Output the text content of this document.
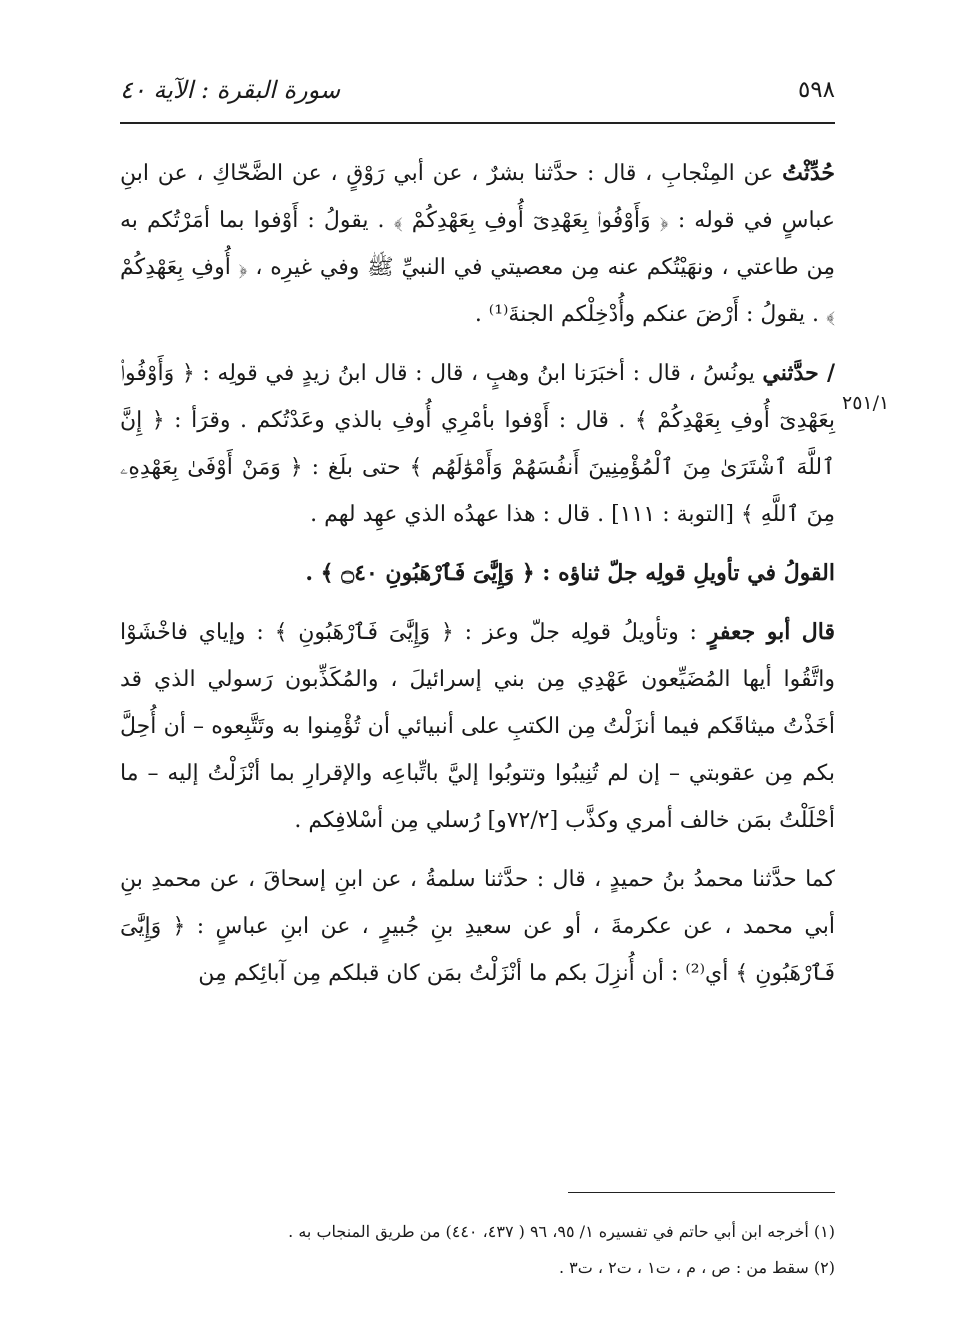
٥٩٨
سورة البقرة : الآية ٤٠
٢٥١/١

حُدِّثْتُ عن المِنْجابِ ، قال : حدَّثنا بشرٌ ، عن أبي رَوْقٍ ، عن الضَّحّاكِ ، عن ابنِ عباسٍ في قوله : ﴿ وَأَوْفُوا۟ بِعَهْدِىٓ أُوفِ بِعَهْدِكُمْ ﴾ . يقولُ : أَوْفوا بما أمَرْتُكم به مِن طاعتي ، ونهَيْتُكم عنه مِن معصيتي في النبيِّ ﷺ وفي غيرِه ، ﴿ أُوفِ بِعَهْدِكُمْ ﴾ . يقولُ : أَرْضَ عنكم وأُدْخِلْكم الجنةَ⁽¹⁾ .

/ حدَّثني يونُسُ ، قال : أخبَرَنا ابنُ وهبٍ ، قال : قال ابنُ زيدٍ في قولِه : ﴿ وَأَوْفُوا۟ بِعَهْدِىٓ أُوفِ بِعَهْدِكُمْ ﴾ . قال : أَوْفوا بأمْرِي أُوفِ بالذي وعَدْتُكم . وقرَأ : ﴿ إِنَّ ٱللَّهَ ٱشْتَرَىٰ مِنَ ٱلْمُؤْمِنِينَ أَنفُسَهُمْ وَأَمْوَٰلَهُم ﴾ حتى بلَغ : ﴿ وَمَنْ أَوْفَىٰ بِعَهْدِهِۦ مِنَ ٱللَّهِ ﴾ [التوبة : ١١١] . قال : هذا عهدُه الذي عهِد لهم .

القولُ في تأويلِ قولِه جلّ ثناؤه : ﴿ وَإِيَّٰىَ فَٱرْهَبُونِ ۝٤٠ ﴾ .

قال أبو جعفرٍ : وتأويلُ قولِه جلّ وعز : ﴿ وَإِيَّٰىَ فَٱرْهَبُونِ ﴾ : وإياي فاخْشَوْا واتَّقُوا أيها المُضَيِّعون عَهْدِي مِن بني إسرائيلَ ، والمُكَذِّبون رَسولي الذي قد أخَذْتُ ميثاقَكم فيما أنزَلْتُ مِن الكتبِ على أنبيائي أن تُؤْمِنوا به وتَتَّبِعوه – أن أُحِلَّ بكم مِن عقوبتي – إن لم تُنِيبُوا وتتوبُوا إليَّ باتِّباعِه والإقرارِ بما أنْزَلْتُ إليه – ما أحْلَلْتُ بمَن خالف أمري وكذَّب [٧٢/٢و] رُسلي مِن أسْلافِكم .

كما حدَّثنا محمدُ بنُ حميدٍ ، قال : حدَّثنا سلمةُ ، عن ابنِ إسحاقَ ، عن محمدِ بنِ أبي محمد ، عن عكرمةَ ، أو عن سعيدِ بنِ جُبيرٍ ، عن ابنِ عباسٍ : ﴿ وَإِيَّٰىَ فَٱرْهَبُونِ ﴾ أي⁽²⁾ : أن أُنزِلَ بكم ما أنْزَلْتُ بمَن كان قبلكم مِن آبائِكم مِن

(١) أخرجه ابن أبي حاتم في تفسيره ١/ ٩٥، ٩٦ ( ٤٣٧، ٤٤٠) من طريق المنجاب به .

(٢) سقط من : ص ، م ، ت١ ، ت٢ ، ت٣ .
